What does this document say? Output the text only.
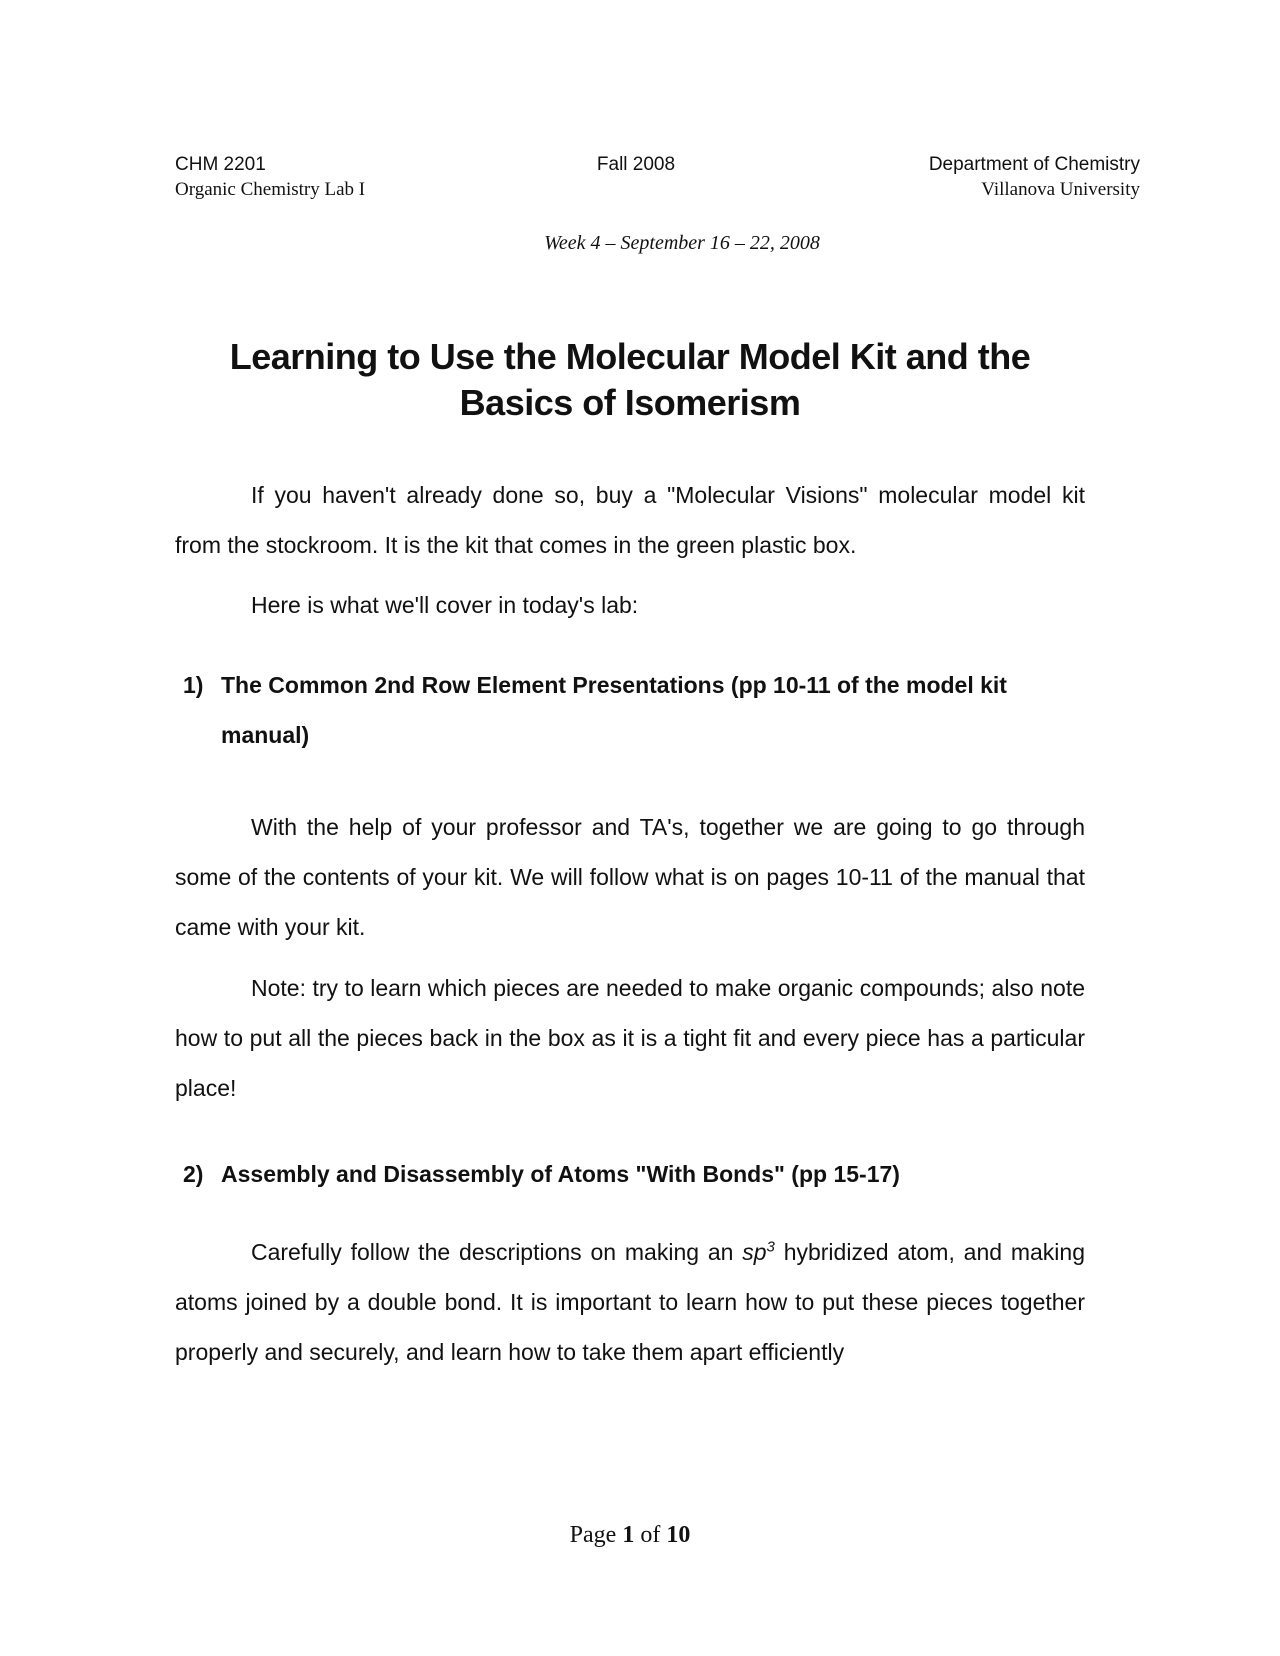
CHM 2201
Organic Chemistry Lab I
Fall 2008	Department of Chemistry
Villanova University
Week 4 – September 16 – 22, 2008
Learning to Use the Molecular Model Kit and the
Basics of Isomerism
If you haven't already done so, buy a "Molecular Visions" molecular model kit from the stockroom. It is the kit that comes in the green plastic box.
Here is what we'll cover in today's lab:
1) The Common 2nd Row Element Presentations (pp 10-11 of the model kit manual)
With the help of your professor and TA's, together we are going to go through some of the contents of your kit. We will follow what is on pages 10-11 of the manual that came with your kit.
Note: try to learn which pieces are needed to make organic compounds; also note how to put all the pieces back in the box as it is a tight fit and every piece has a particular place!
2) Assembly and Disassembly of Atoms "With Bonds" (pp 15-17)
Carefully follow the descriptions on making an $sp^3$ hybridized atom, and making atoms joined by a double bond. It is important to learn how to put these pieces together properly and securely, and learn how to take them apart efficiently
Page 1 of 10
